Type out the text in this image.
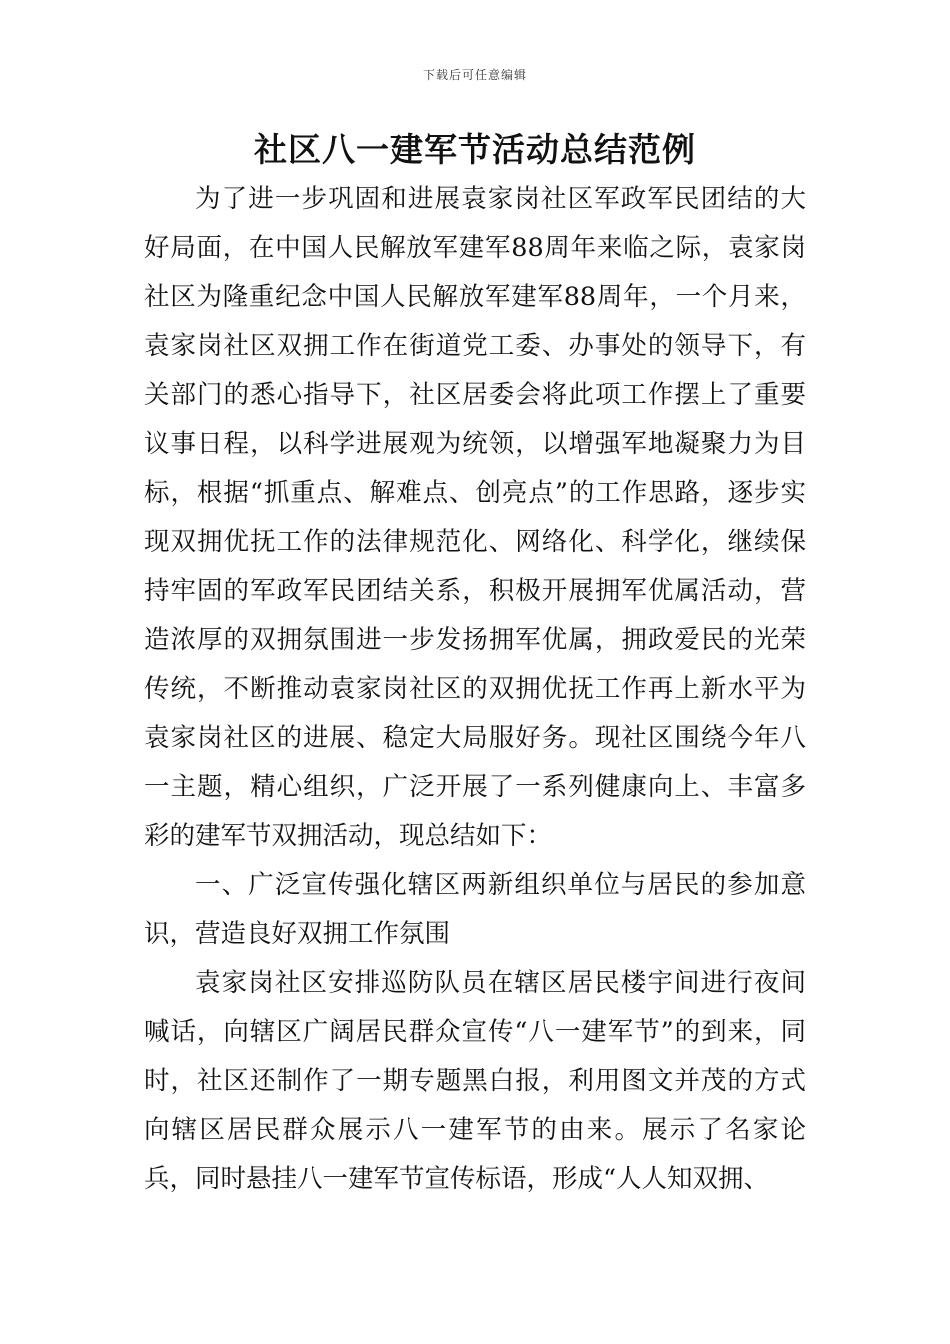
下载后可任意编辑
社区八一建军节活动总结范例

为了进一步巩固和进展袁家岗社区军政军民团结的大好局面，在中国人民解放军建军88周年来临之际，袁家岗社区为隆重纪念中国人民解放军建军88周年，一个月来，袁家岗社区双拥工作在街道党工委、办事处的领导下，有关部门的悉心指导下，社区居委会将此项工作摆上了重要议事日程，以科学进展观为统领，以增强军地凝聚力为目标，根据“抓重点、解难点、创亮点”的工作思路，逐步实现双拥优抚工作的法律规范化、网络化、科学化，继续保持牢固的军政军民团结关系，积极开展拥军优属活动，营造浓厚的双拥氛围进一步发扬拥军优属，拥政爱民的光荣传统，不断推动袁家岗社区的双拥优抚工作再上新水平为袁家岗社区的进展、稳定大局服好务。现社区围绕今年八一主题，精心组织，广泛开展了一系列健康向上、丰富多彩的建军节双拥活动，现总结如下：

一、广泛宣传强化辖区两新组织单位与居民的参加意识，营造良好双拥工作氛围

袁家岗社区安排巡防队员在辖区居民楼宇间进行夜间喊话，向辖区广阔居民群众宣传“八一建军节”的到来，同时，社区还制作了一期专题黑白报，利用图文并茂的方式向辖区居民群众展示八一建军节的由来。展示了名家论兵，同时悬挂八一建军节宣传标语，形成“人人知双拥、
